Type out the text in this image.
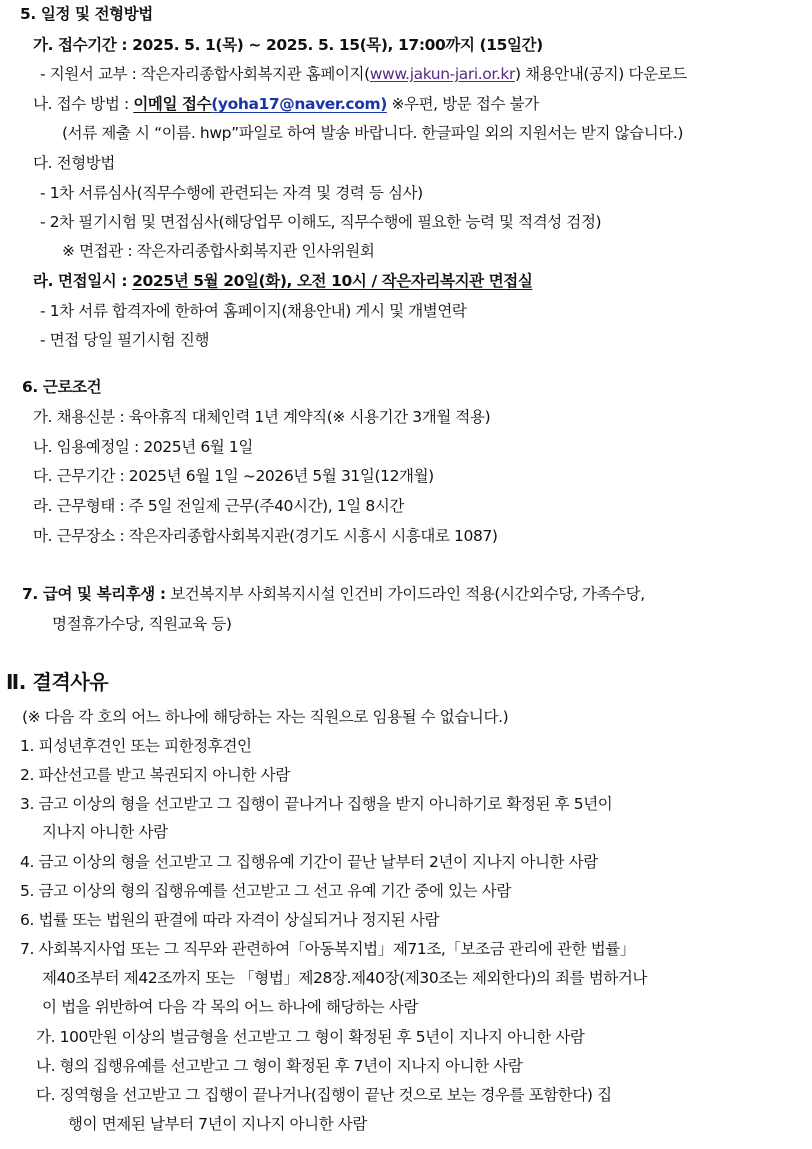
5. 일정 및 전형방법
가. 접수기간 : 2025. 5. 1(목) ~ 2025. 5. 15(목), 17:00까지 (15일간)
- 지원서 교부 : 작은자리종합사회복지관 홈페이지(www.jakun-jari.or.kr) 채용안내(공지) 다운로드
나. 접수 방법 : 이메일 접수(yoha17@naver.com) ※우편, 방문 접수 불가
(서류 제출 시 “이름. hwp”파일로 하여 발송 바랍니다. 한글파일 외의 지원서는 받지 않습니다.)
다. 전형방법
- 1차 서류심사(직무수행에 관련되는 자격 및 경력 등 심사)
- 2차 필기시험 및 면접심사(해당업무 이해도, 직무수행에 필요한 능력 및 적격성 검정)
※ 면접관 : 작은자리종합사회복지관 인사위원회
라. 면접일시 : 2025년 5월 20일(화), 오전 10시 / 작은자리복지관 면접실
- 1차 서류 합격자에 한하여 홈페이지(채용안내) 게시 및 개별연락
- 면접 당일 필기시험 진행
6. 근로조건
가. 채용신분 : 육아휴직 대체인력 1년 계약직(※ 시용기간 3개월 적용)
나. 임용예정일 : 2025년 6월 1일
다. 근무기간 : 2025년 6월 1일 ~2026년 5월 31일(12개월)
라. 근무형태 : 주 5일 전일제 근무(주40시간), 1일 8시간
마. 근무장소 : 작은자리종합사회복지관(경기도 시흥시 시흥대로 1087)
7. 급여 및 복리후생 : 보건복지부 사회복지시설 인건비 가이드라인 적용(시간외수당, 가족수당,
명절휴가수당, 직원교육 등)
Ⅱ. 결격사유
(※ 다음 각 호의 어느 하나에 해당하는 자는 직원으로 임용될 수 없습니다.)
1. 피성년후견인 또는 피한정후견인
2. 파산선고를 받고 복권되지 아니한 사람
3. 금고 이상의 형을 선고받고 그 집행이 끝나거나 집행을 받지 아니하기로 확정된 후 5년이
지나지 아니한 사람
4. 금고 이상의 형을 선고받고 그 집행유예 기간이 끝난 날부터 2년이 지나지 아니한 사람
5. 금고 이상의 형의 집행유예를 선고받고 그 선고 유예 기간 중에 있는 사람
6. 법률 또는 법원의 판결에 따라 자격이 상실되거나 정지된 사람
7. 사회복지사업 또는 그 직무와 관련하여「아동복지법」제71조,「보조금 관리에 관한 법률」
제40조부터 제42조까지 또는 「형법」제28장.제40장(제30조는 제외한다)의 죄를 범하거나
이 법을 위반하여 다음 각 목의 어느 하나에 해당하는 사람
가. 100만원 이상의 벌금형을 선고받고 그 형이 확정된 후 5년이 지나지 아니한 사람
나. 형의 집행유예를 선고받고 그 형이 확정된 후 7년이 지나지 아니한 사람
다. 징역형을 선고받고 그 집행이 끝나거나(집행이 끝난 것으로 보는 경우를 포함한다) 집
행이 면제된 날부터 7년이 지나지 아니한 사람
